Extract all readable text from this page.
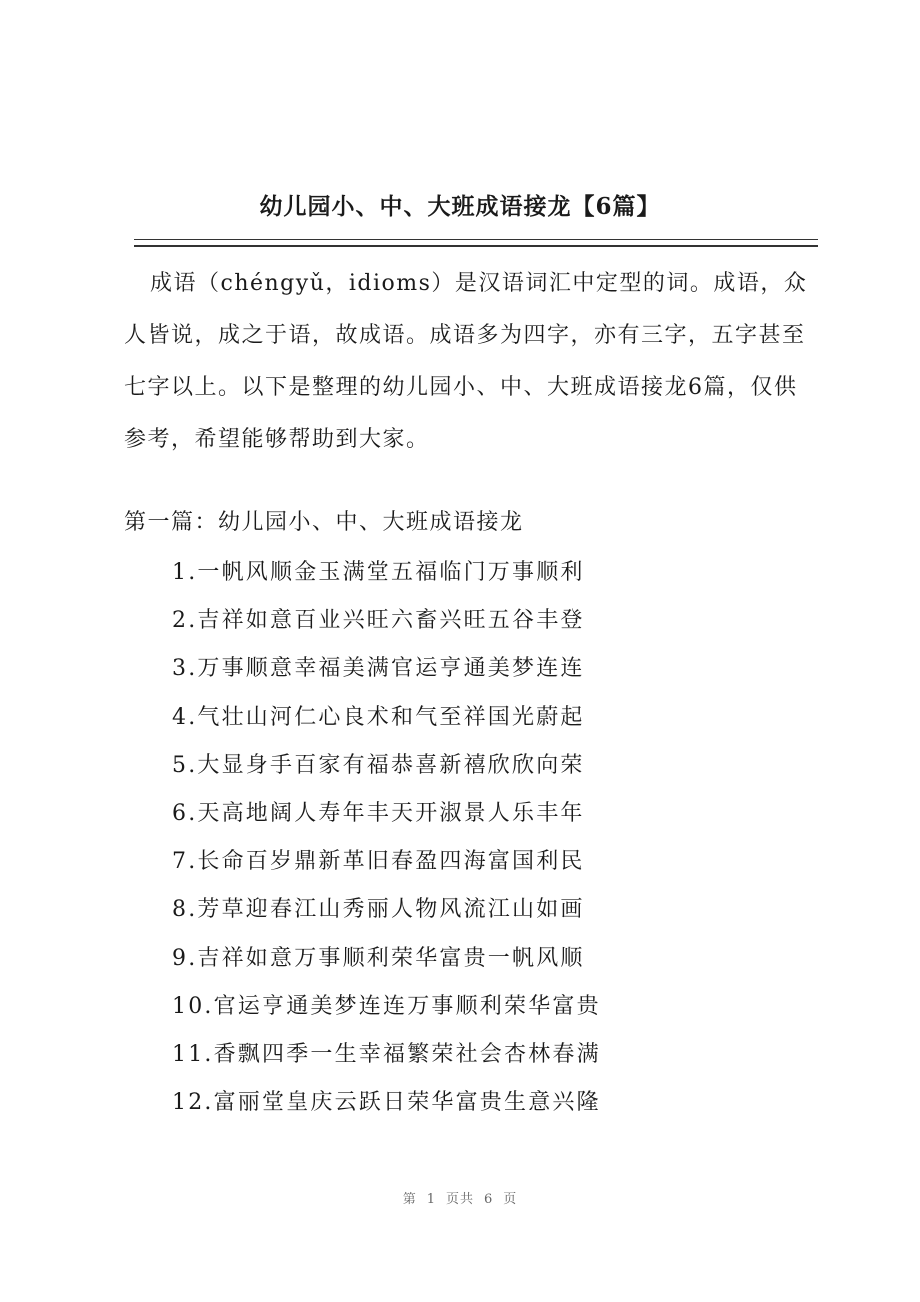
幼儿园小、中、大班成语接龙【6篇】

成语（chéngyǔ，idioms）是汉语词汇中定型的词。成语，众人皆说，成之于语，故成语。成语多为四字，亦有三字，五字甚至七字以上。以下是整理的幼儿园小、中、大班成语接龙6篇，仅供参考，希望能够帮助到大家。

第一篇：幼儿园小、中、大班成语接龙
1.一帆风顺金玉满堂五福临门万事顺利
2.吉祥如意百业兴旺六畜兴旺五谷丰登
3.万事顺意幸福美满官运亨通美梦连连
4.气壮山河仁心良术和气至祥国光蔚起
5.大显身手百家有福恭喜新禧欣欣向荣
6.天高地阔人寿年丰天开淑景人乐丰年
7.长命百岁鼎新革旧春盈四海富国利民
8.芳草迎春江山秀丽人物风流江山如画
9.吉祥如意万事顺利荣华富贵一帆风顺
10.官运亨通美梦连连万事顺利荣华富贵
11.香飘四季一生幸福繁荣社会杏林春满
12.富丽堂皇庆云跃日荣华富贵生意兴隆
第 1 页共 6 页
